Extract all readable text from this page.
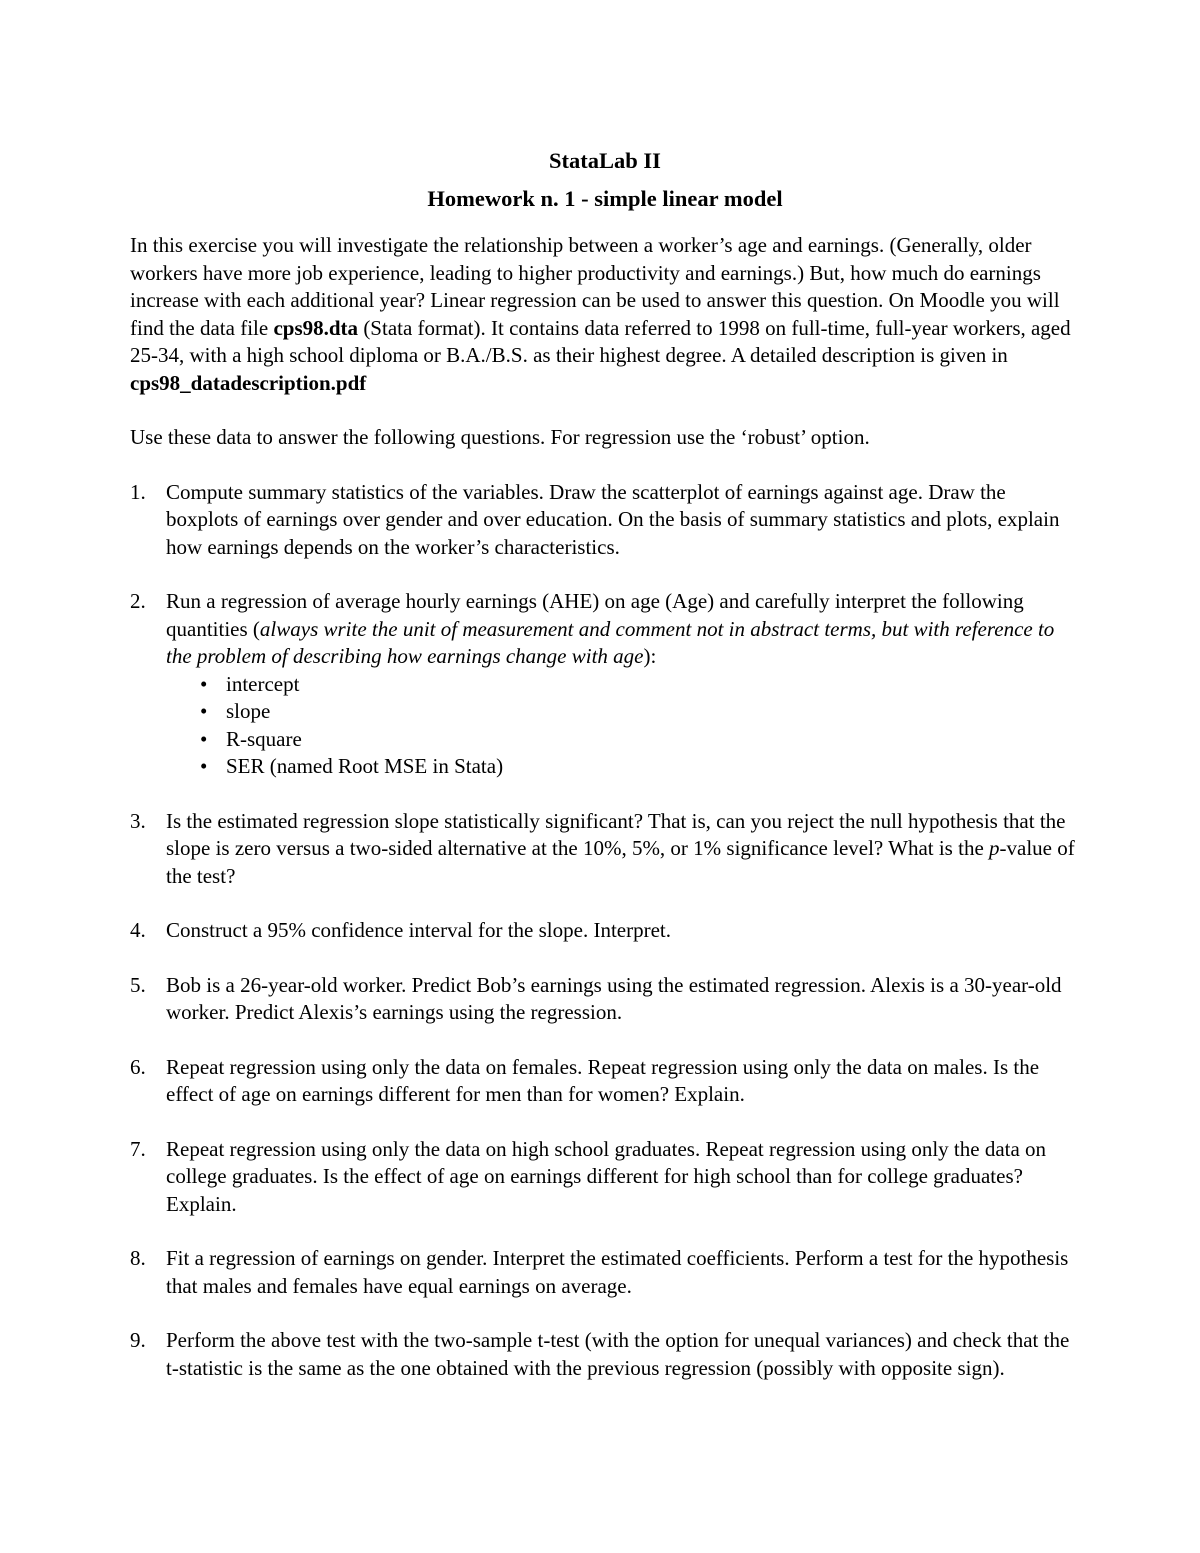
StataLab II
Homework n. 1 - simple linear model

In this exercise you will investigate the relationship between a worker’s age and earnings. (Generally, older workers have more job experience, leading to higher productivity and earnings.) But, how much do earnings increase with each additional year? Linear regression can be used to answer this question. On Moodle you will find the data file cps98.dta (Stata format). It contains data referred to 1998 on full-time, full-year workers, aged 25-34, with a high school diploma or B.A./B.S. as their highest degree. A detailed description is given in cps98_datadescription.pdf

Use these data to answer the following questions. For regression use the ‘robust’ option.

1. Compute summary statistics of the variables. Draw the scatterplot of earnings against age. Draw the boxplots of earnings over gender and over education. On the basis of summary statistics and plots, explain how earnings depends on the worker’s characteristics.
2. Run a regression of average hourly earnings (AHE) on age (Age) and carefully interpret the following quantities (always write the unit of measurement and comment not in abstract terms, but with reference to the problem of describing how earnings change with age):
• intercept
• slope
• R-square
• SER (named Root MSE in Stata)
3. Is the estimated regression slope statistically significant? That is, can you reject the null hypothesis that the slope is zero versus a two-sided alternative at the 10%, 5%, or 1% significance level? What is the p-value of the test?
4. Construct a 95% confidence interval for the slope. Interpret.
5. Bob is a 26-year-old worker. Predict Bob’s earnings using the estimated regression. Alexis is a 30-year-old worker. Predict Alexis’s earnings using the regression.
6. Repeat regression using only the data on females. Repeat regression using only the data on males. Is the effect of age on earnings different for men than for women? Explain.
7. Repeat regression using only the data on high school graduates. Repeat regression using only the data on college graduates. Is the effect of age on earnings different for high school than for college graduates? Explain.
8. Fit a regression of earnings on gender. Interpret the estimated coefficients. Perform a test for the hypothesis that males and females have equal earnings on average.
9. Perform the above test with the two-sample t-test (with the option for unequal variances) and check that the t-statistic is the same as the one obtained with the previous regression (possibly with opposite sign).
